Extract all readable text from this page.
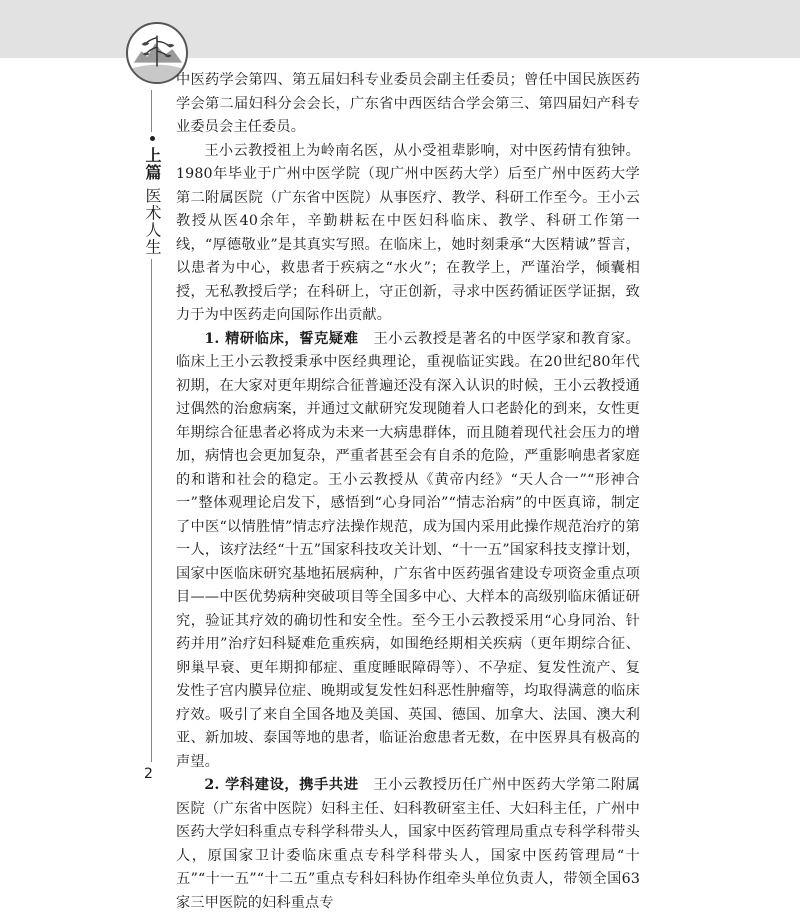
上篇 医术人生

中医药学会第四、第五届妇科专业委员会副主任委员；曾任中国民族医药学会第二届妇科分会会长，广东省中西医结合学会第三、第四届妇产科专业委员会主任委员。

王小云教授祖上为岭南名医，从小受祖辈影响，对中医药情有独钟。1980年毕业于广州中医学院（现广州中医药大学）后至广州中医药大学第二附属医院（广东省中医院）从事医疗、教学、科研工作至今。王小云教授从医40余年，辛勤耕耘在中医妇科临床、教学、科研工作第一线，“厚德敬业”是其真实写照。在临床上，她时刻秉承“大医精诚”誓言，以患者为中心，救患者于疾病之“水火”；在教学上，严谨治学，倾囊相授，无私教授后学；在科研上，守正创新，寻求中医药循证医学证据，致力于为中医药走向国际作出贡献。

1. 精研临床，誓克疑难　 王小云教授是著名的中医学家和教育家。临床上王小云教授秉承中医经典理论，重视临证实践。在20世纪80年代初期，在大家对更年期综合征普遍还没有深入认识的时候，王小云教授通过偶然的治愈病案，并通过文献研究发现随着人口老龄化的到来，女性更年期综合征患者必将成为未来一大病患群体，而且随着现代社会压力的增加，病情也会更加复杂，严重者甚至会有自杀的危险，严重影响患者家庭的和谐和社会的稳定。王小云教授从《黄帝内经》“天人合一”“形神合一”整体观理论启发下，感悟到“心身同治”“情志治病”的中医真谛，制定了中医“以情胜情”情志疗法操作规范，成为国内采用此操作规范治疗的第一人，该疗法经“十五”国家科技攻关计划、“十一五”国家科技支撑计划，国家中医临床研究基地拓展病种，广东省中医药强省建设专项资金重点项目——中医优势病种突破项目等全国多中心、大样本的高级别临床循证研究，验证其疗效的确切性和安全性。至今王小云教授采用“心身同治、针药并用”治疗妇科疑难危重疾病，如围绝经期相关疾病（更年期综合征、卵巢早衰、更年期抑郁症、重度睡眠障碍等）、不孕症、复发性流产、复发性子宫内膜异位症、晚期或复发性妇科恶性肿瘤等，均取得满意的临床疗效。吸引了来自全国各地及美国、英国、德国、加拿大、法国、澳大利亚、新加坡、泰国等地的患者，临证治愈患者无数，在中医界具有极高的声望。

2. 学科建设，携手共进　 王小云教授历任广州中医药大学第二附属医院（广东省中医院）妇科主任、妇科教研室主任、大妇科主任，广州中医药大学妇科重点专科学科带头人，国家中医药管理局重点专科学科带头人，原国家卫计委临床重点专科学科带头人，国家中医药管理局“十五”“十一五”“十二五”重点专科妇科协作组牵头单位负责人，带领全国63家三甲医院的妇科重点专

2
